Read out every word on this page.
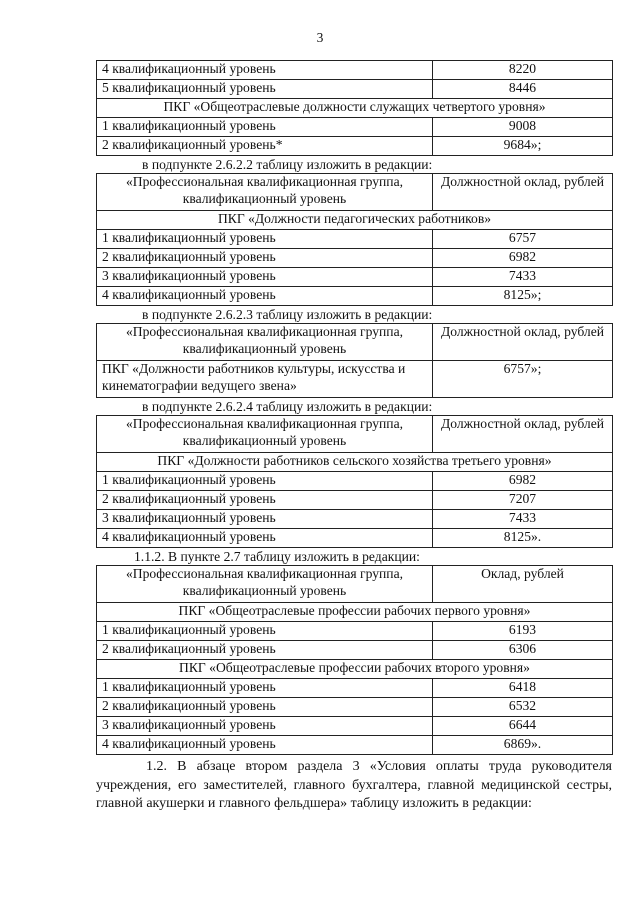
3
4 квалификационный уровень	8220
5 квалификационный уровень	8446
ПКГ «Общеотраслевые должности служащих четвертого уровня»	
1 квалификационный уровень	9008
2 квалификационный уровень*	9684»;
в подпункте 2.6.2.2 таблицу изложить в редакции:
«Профессиональная квалификационная группа, квалификационный уровень	Должностной оклад, рублей
ПКГ «Должности педагогических работников»	
1 квалификационный уровень	6757
2 квалификационный уровень	6982
3 квалификационный уровень	7433
4 квалификационный уровень	8125»;
в подпункте 2.6.2.3 таблицу изложить в редакции:
«Профессиональная квалификационная группа, квалификационный уровень	Должностной оклад, рублей
ПКГ «Должности работников культуры, искусства и кинематографии ведущего звена»	6757»;
в подпункте 2.6.2.4 таблицу изложить в редакции:
«Профессиональная квалификационная группа, квалификационный уровень	Должностной оклад, рублей
ПКГ «Должности работников сельского хозяйства третьего уровня»	
1 квалификационный уровень	6982
2 квалификационный уровень	7207
3 квалификационный уровень	7433
4 квалификационный уровень	8125».
1.1.2. В пункте 2.7 таблицу изложить в редакции:
«Профессиональная квалификационная группа, квалификационный уровень	Оклад, рублей
ПКГ «Общеотраслевые профессии рабочих первого уровня»	
1 квалификационный уровень	6193
2 квалификационный уровень	6306
ПКГ «Общеотраслевые профессии рабочих второго уровня»	
1 квалификационный уровень	6418
2 квалификационный уровень	6532
3 квалификационный уровень	6644
4 квалификационный уровень	6869».

1.2. В абзаце втором раздела 3 «Условия оплаты труда руководителя учреждения, его заместителей, главного бухгалтера, главной медицинской сестры, главной акушерки и главного фельдшера» таблицу изложить в редакции:
